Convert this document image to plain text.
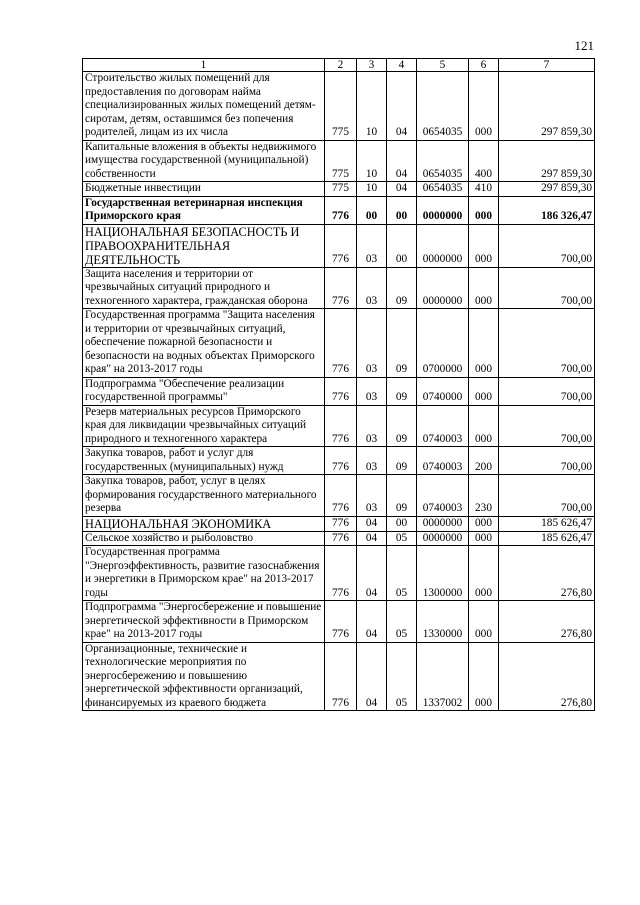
121
1	2	3	4	5	6	7
Строительство жилых помещений для предоставления по договорам найма специализированных жилых помещений детям-сиротам, детям, оставшимся без попечения родителей, лицам из их числа	775	10	04	0654035	000	297 859,30
Капитальные вложения в объекты недвижимого имущества государственной (муниципальной) собственности	775	10	04	0654035	400	297 859,30
Бюджетные инвестиции	775	10	04	0654035	410	297 859,30
Государственная ветеринарная инспекция Приморского края	776	00	00	0000000	000	186 326,47
НАЦИОНАЛЬНАЯ БЕЗОПАСНОСТЬ И ПРАВООХРАНИТЕЛЬНАЯ ДЕЯТЕЛЬНОСТЬ	776	03	00	0000000	000	700,00
Защита населения и территории от чрезвычайных ситуаций природного и техногенного характера, гражданская оборона	776	03	09	0000000	000	700,00
Государственная программа "Защита населения и территории от чрезвычайных ситуаций, обеспечение пожарной безопасности и безопасности на водных объектах Приморского края" на 2013-2017 годы	776	03	09	0700000	000	700,00
Подпрограмма "Обеспечение реализации государственной программы"	776	03	09	0740000	000	700,00
Резерв материальных ресурсов Приморского края для ликвидации чрезвычайных ситуаций природного и техногенного характера	776	03	09	0740003	000	700,00
Закупка товаров, работ и услуг для государственных (муниципальных) нужд	776	03	09	0740003	200	700,00
Закупка товаров, работ, услуг в целях формирования государственного материального резерва	776	03	09	0740003	230	700,00
НАЦИОНАЛЬНАЯ ЭКОНОМИКА	776	04	00	0000000	000	185 626,47
Сельское хозяйство и рыболовство	776	04	05	0000000	000	185 626,47
Государственная программа "Энергоэффективность, развитие газоснабжения и энергетики в Приморском крае" на 2013-2017 годы	776	04	05	1300000	000	276,80
Подпрограмма "Энергосбережение и повышение энергетической эффективности в Приморском крае" на 2013-2017 годы	776	04	05	1330000	000	276,80
Организационные, технические и технологические мероприятия по энергосбережению и повышению энергетической эффективности организаций, финансируемых из краевого бюджета	776	04	05	1337002	000	276,80
